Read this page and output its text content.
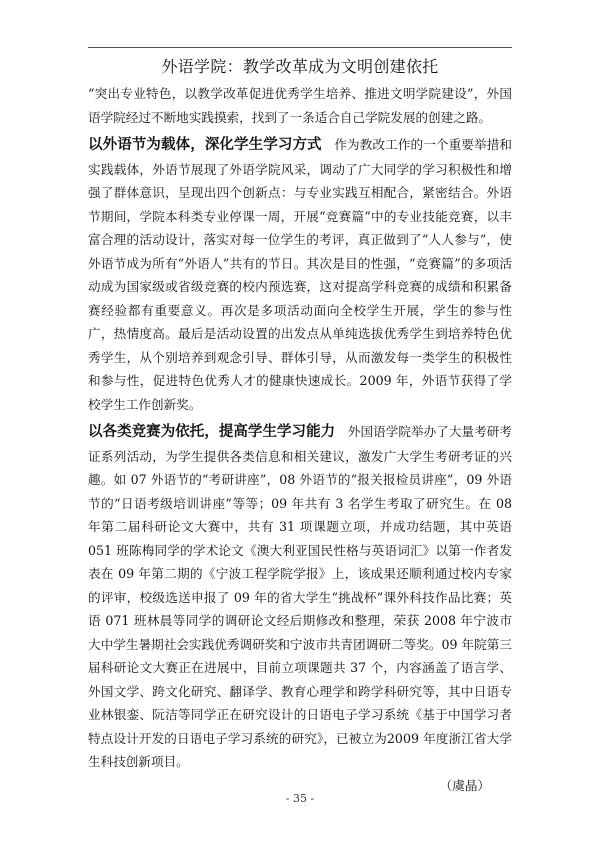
外语学院：教学改革成为文明创建依托

“突出专业特色，以教学改革促进优秀学生培养、推进文明学院建设”，外国语学院经过不断地实践摸索，找到了一条适合自己学院发展的创建之路。

以外语节为载体，深化学生学习方式　作为教改工作的一个重要举措和实践载体，外语节展现了外语学院风采，调动了广大同学的学习积极性和增强了群体意识，呈现出四个创新点：与专业实践互相配合，紧密结合。外语节期间，学院本科类专业停课一周，开展“竞赛篇”中的专业技能竞赛，以丰富合理的活动设计，落实对每一位学生的考评，真正做到了“人人参与”，使外语节成为所有“外语人”共有的节日。其次是目的性强，“竞赛篇”的多项活动成为国家级或省级竞赛的校内预选赛，这对提高学科竞赛的成绩和积累备赛经验都有重要意义。再次是多项活动面向全校学生开展，学生的参与性广，热情度高。最后是活动设置的出发点从单纯选拔优秀学生到培养特色优秀学生，从个别培养到观念引导、群体引导，从而激发每一类学生的积极性和参与性，促进特色优秀人才的健康快速成长。2009 年，外语节获得了学校学生工作创新奖。

以各类竞赛为依托，提高学生学习能力　外国语学院举办了大量考研考证系列活动，为学生提供各类信息和相关建议，激发广大学生考研考证的兴趣。如 07 外语节的“考研讲座”，08 外语节的“报关报检员讲座”，09 外语节的“日语考级培训讲座”等等；09 年共有 3 名学生考取了研究生。在 08 年第二届科研论文大赛中，共有 31 项课题立项，并成功结题，其中英语 051 班陈梅同学的学术论文《澳大利亚国民性格与英语词汇》以第一作者发表在 09 年第二期的《宁波工程学院学报》上，该成果还顺利通过校内专家的评审，校级选送申报了 09 年的省大学生“挑战杯”课外科技作品比赛；英语 071 班林晨等同学的调研论文经后期修改和整理，荣获 2008 年宁波市大中学生暑期社会实践优秀调研奖和宁波市共青团调研二等奖。09 年院第三届科研论文大赛正在进展中，目前立项课题共 37 个，内容涵盖了语言学、外国文学、跨文化研究、翻译学、教育心理学和跨学科研究等，其中日语专业林银銮、阮洁等同学正在研究设计的日语电子学习系统《基于中国学习者特点设计开发的日语电子学习系统的研究》，已被立为2009 年度浙江省大学生科技创新项目。

（虞晶）

- 35 -
